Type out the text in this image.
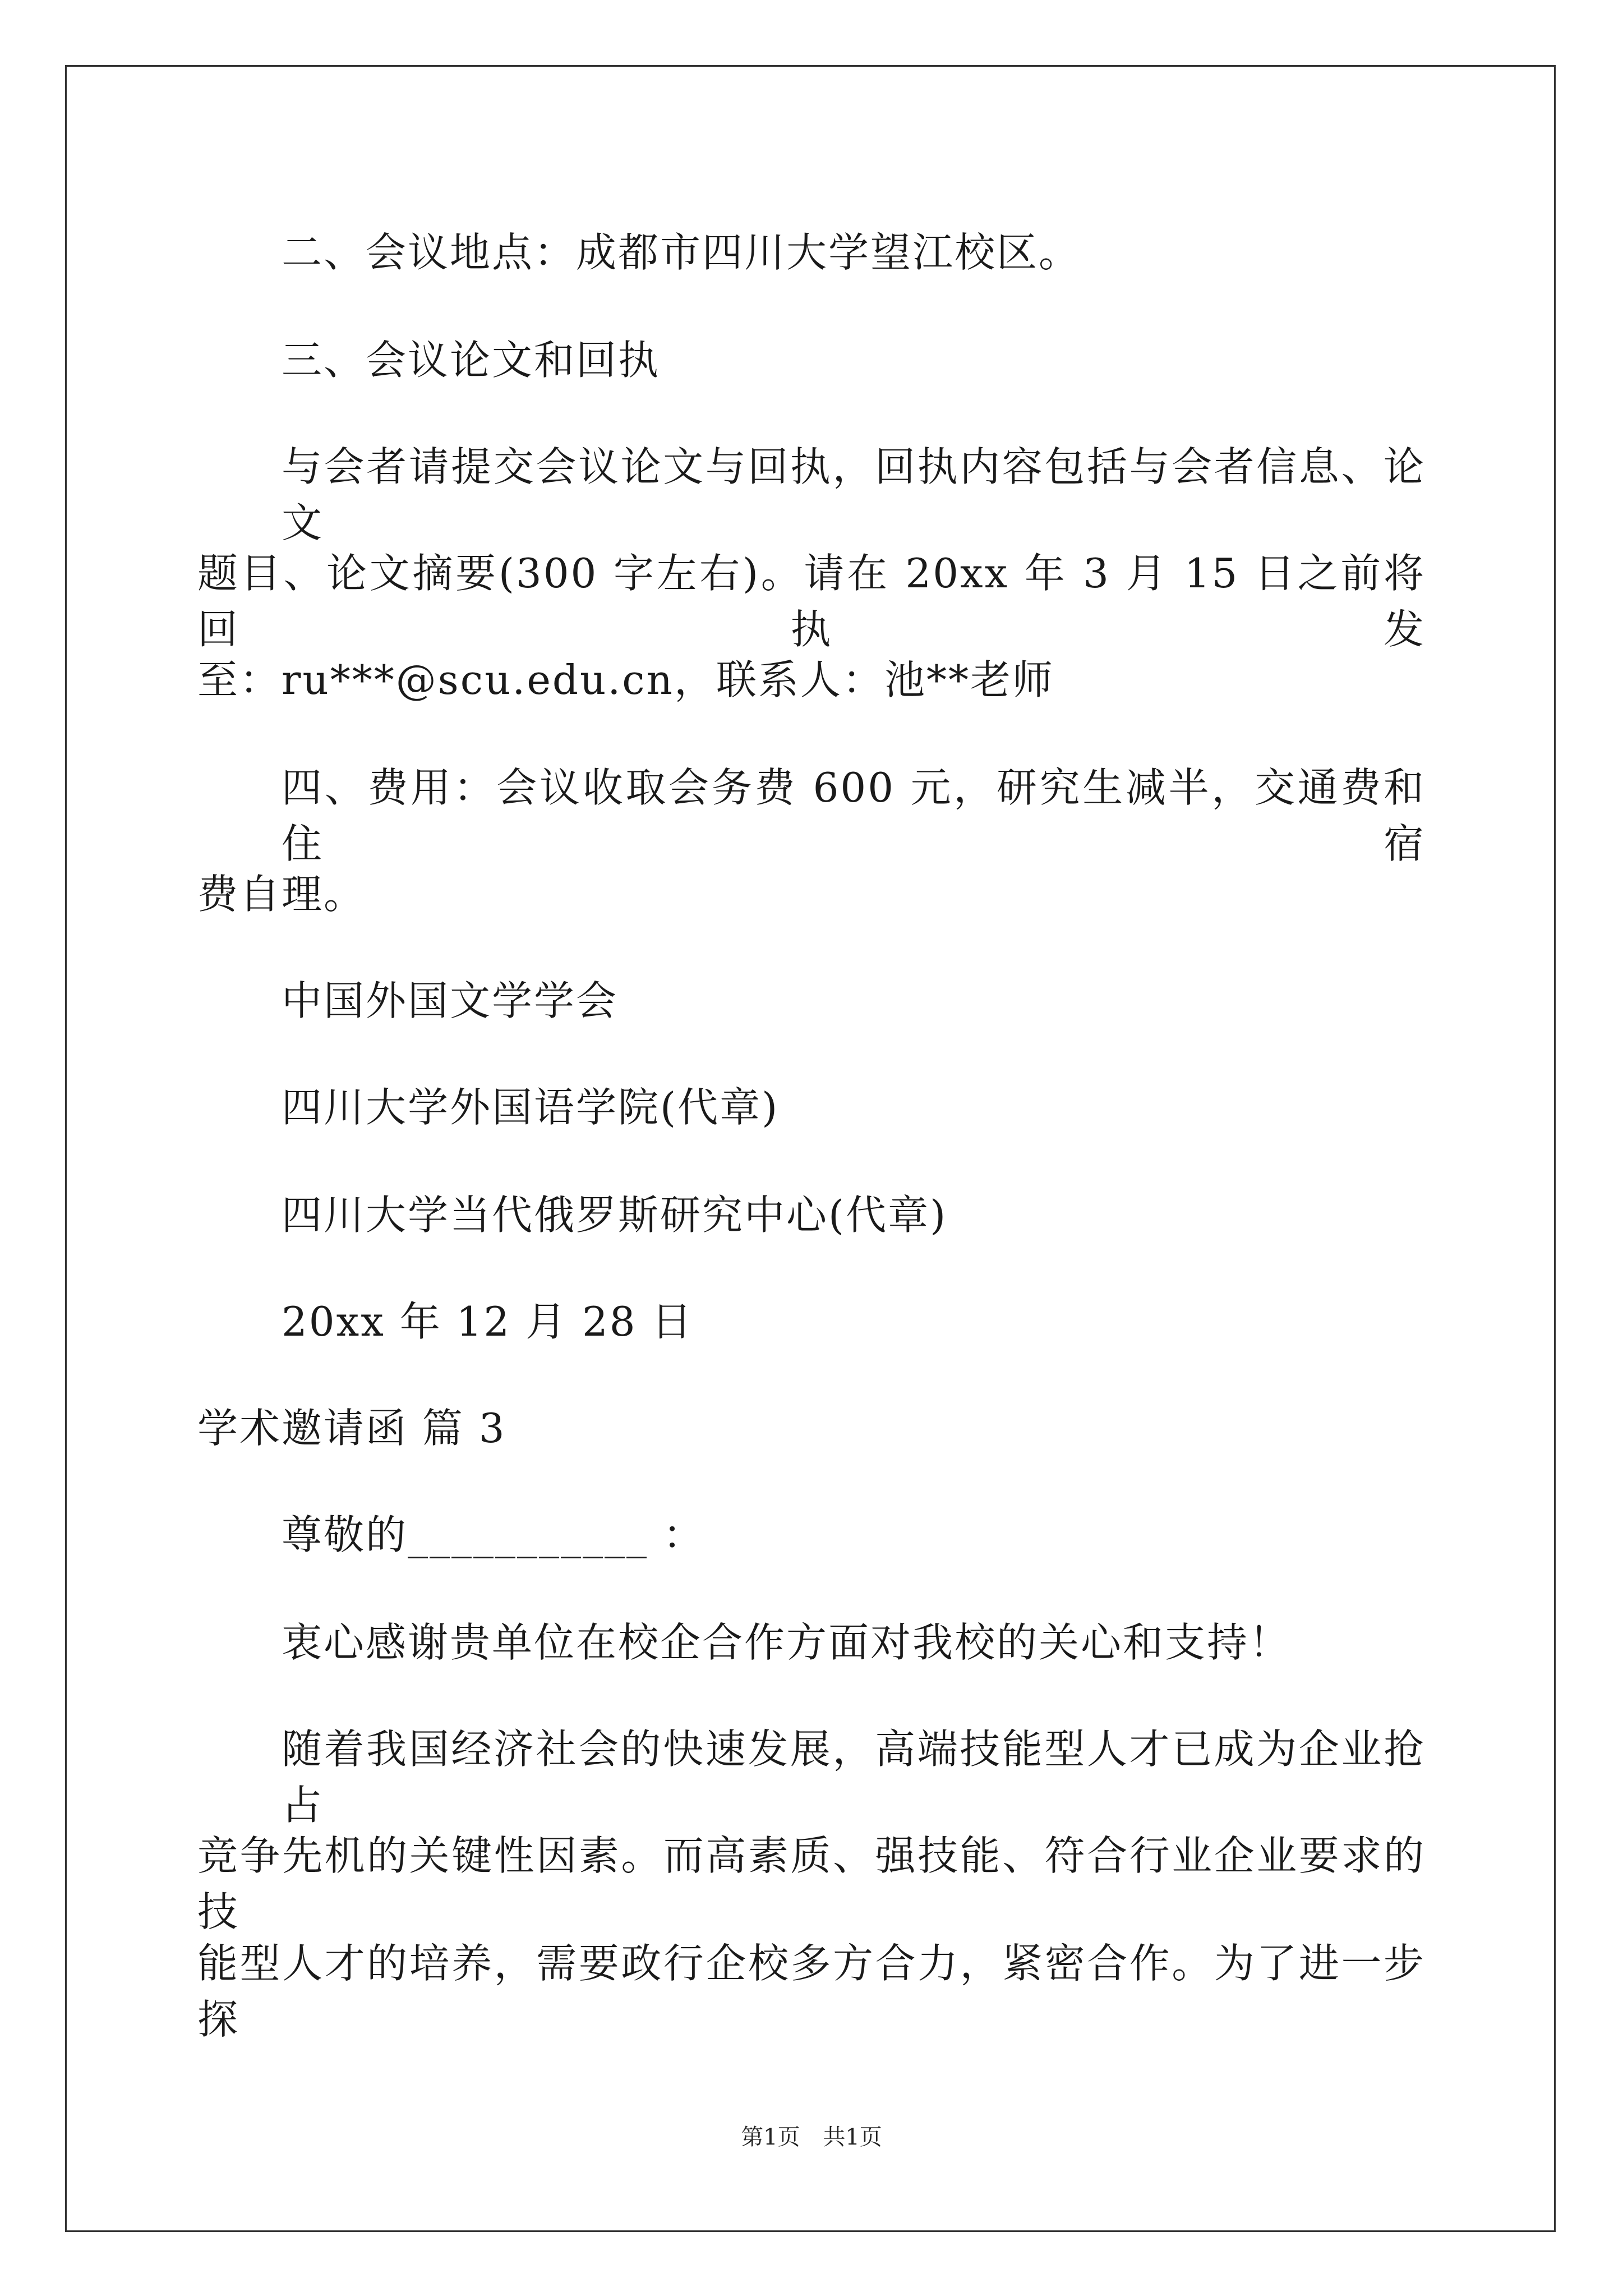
二、会议地点：成都市四川大学望江校区。
三、会议论文和回执
与会者请提交会议论文与回执，回执内容包括与会者信息、论文
题目、论文摘要(300 字左右)。请在 20xx 年 3 月 15 日之前将回执发
至：ru***@scu.edu.cn，联系人：池**老师
四、费用：会议收取会务费 600 元，研究生减半，交通费和住宿
费自理。
中国外国文学学会
四川大学外国语学院(代章)
四川大学当代俄罗斯研究中心(代章)
20xx 年 12 月 28 日
学术邀请函 篇 3
尊敬的___________ ：
衷心感谢贵单位在校企合作方面对我校的关心和支持！
随着我国经济社会的快速发展，高端技能型人才已成为企业抢占
竞争先机的关键性因素。而高素质、强技能、符合行业企业要求的技
能型人才的培养，需要政行企校多方合力，紧密合作。为了进一步探
第1页 共1页
